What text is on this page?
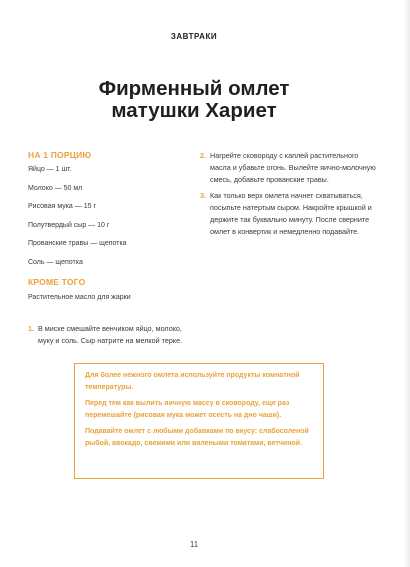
ЗАВТРАКИ
Фирменный омлет
матушки Хариет
НА 1 ПОРЦИЮ
Яйцо — 1 шт.
Молоко — 50 мл
Рисовая мука — 15 г
Полутвердый сыр — 10 г
Прованские травы — щепотка
Соль — щепотка
КРОМЕ ТОГО
Растительное масло для жарки
1. В миске смешайте венчиком яйцо, молоко, муку и соль. Сыр натрите на мелкой терке.
2. Нагрейте сковороду с каплей растительного масла и убавьте огонь. Вылейте яично-молочную смесь, добавьте прованские травы.
3. Как только верх омлета начнет схватываться, посыпьте натертым сыром. Накройте крышкой и держите так буквально минуту. После сверните омлет в конвертик и немедленно подавайте.
Для более нежного омлета используйте продукты комнатной температуры.
Перед тем как вылить яичную массу в сковороду, еще раз перемешайте (рисовая мука может осесть на дно чаши).
Подавайте омлет с любыми добавками по вкусу: слабосоленой рыбой, авокадо, свежими или вялеными томатами, ветчиной.
11
